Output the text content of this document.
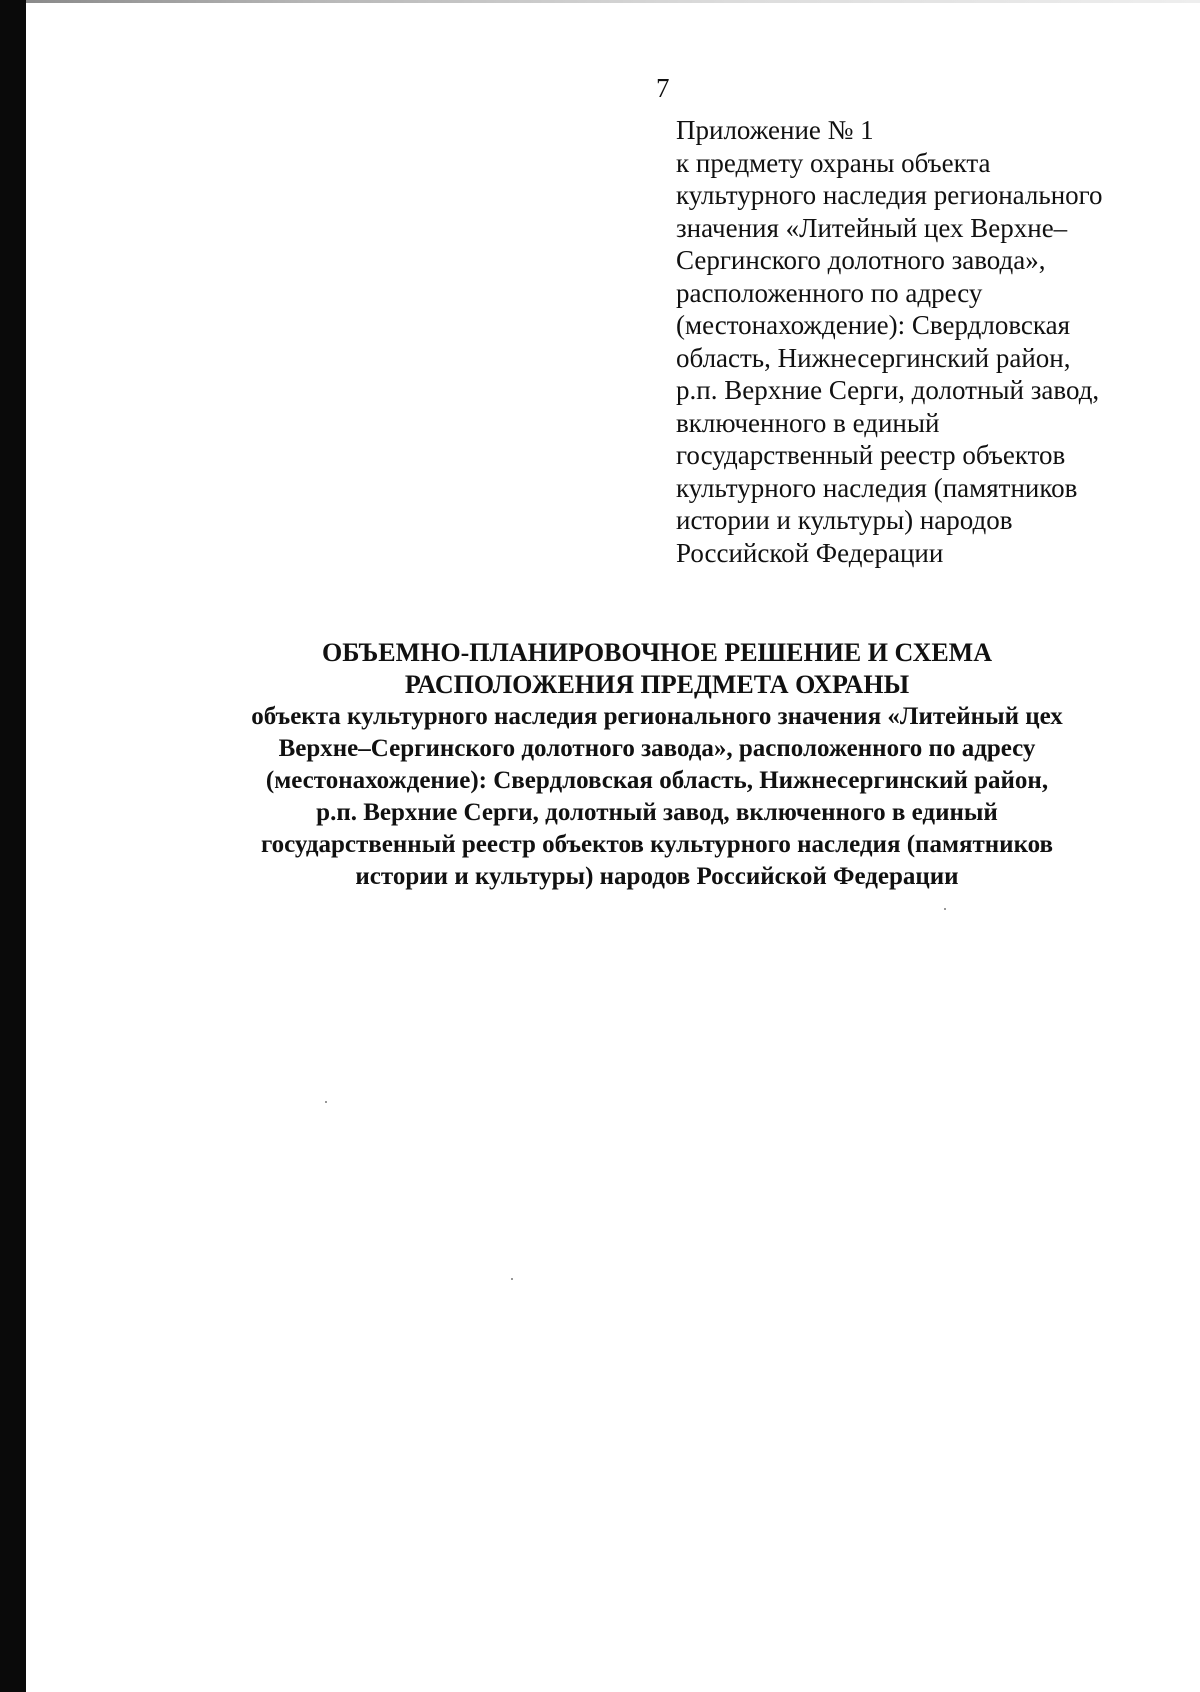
7
Приложение № 1
к предмету охраны объекта
культурного наследия регионального
значения «Литейный цех Верхне–
Сергинского долотного завода»,
расположенного по адресу
(местонахождение): Свердловская
область, Нижнесергинский район,
р.п. Верхние Серги, долотный завод,
включенного в единый
государственный реестр объектов
культурного наследия (памятников
истории и культуры) народов
Российской Федерации
ОБЪЕМНО-ПЛАНИРОВОЧНОЕ РЕШЕНИЕ И СХЕМА
РАСПОЛОЖЕНИЯ ПРЕДМЕТА ОХРАНЫ
объекта культурного наследия регионального значения «Литейный цех
Верхне–Сергинского долотного завода», расположенного по адресу
(местонахождение): Свердловская область, Нижнесергинский район,
р.п. Верхние Серги, долотный завод, включенного в единый
государственный реестр объектов культурного наследия (памятников
истории и культуры) народов Российской Федерации
